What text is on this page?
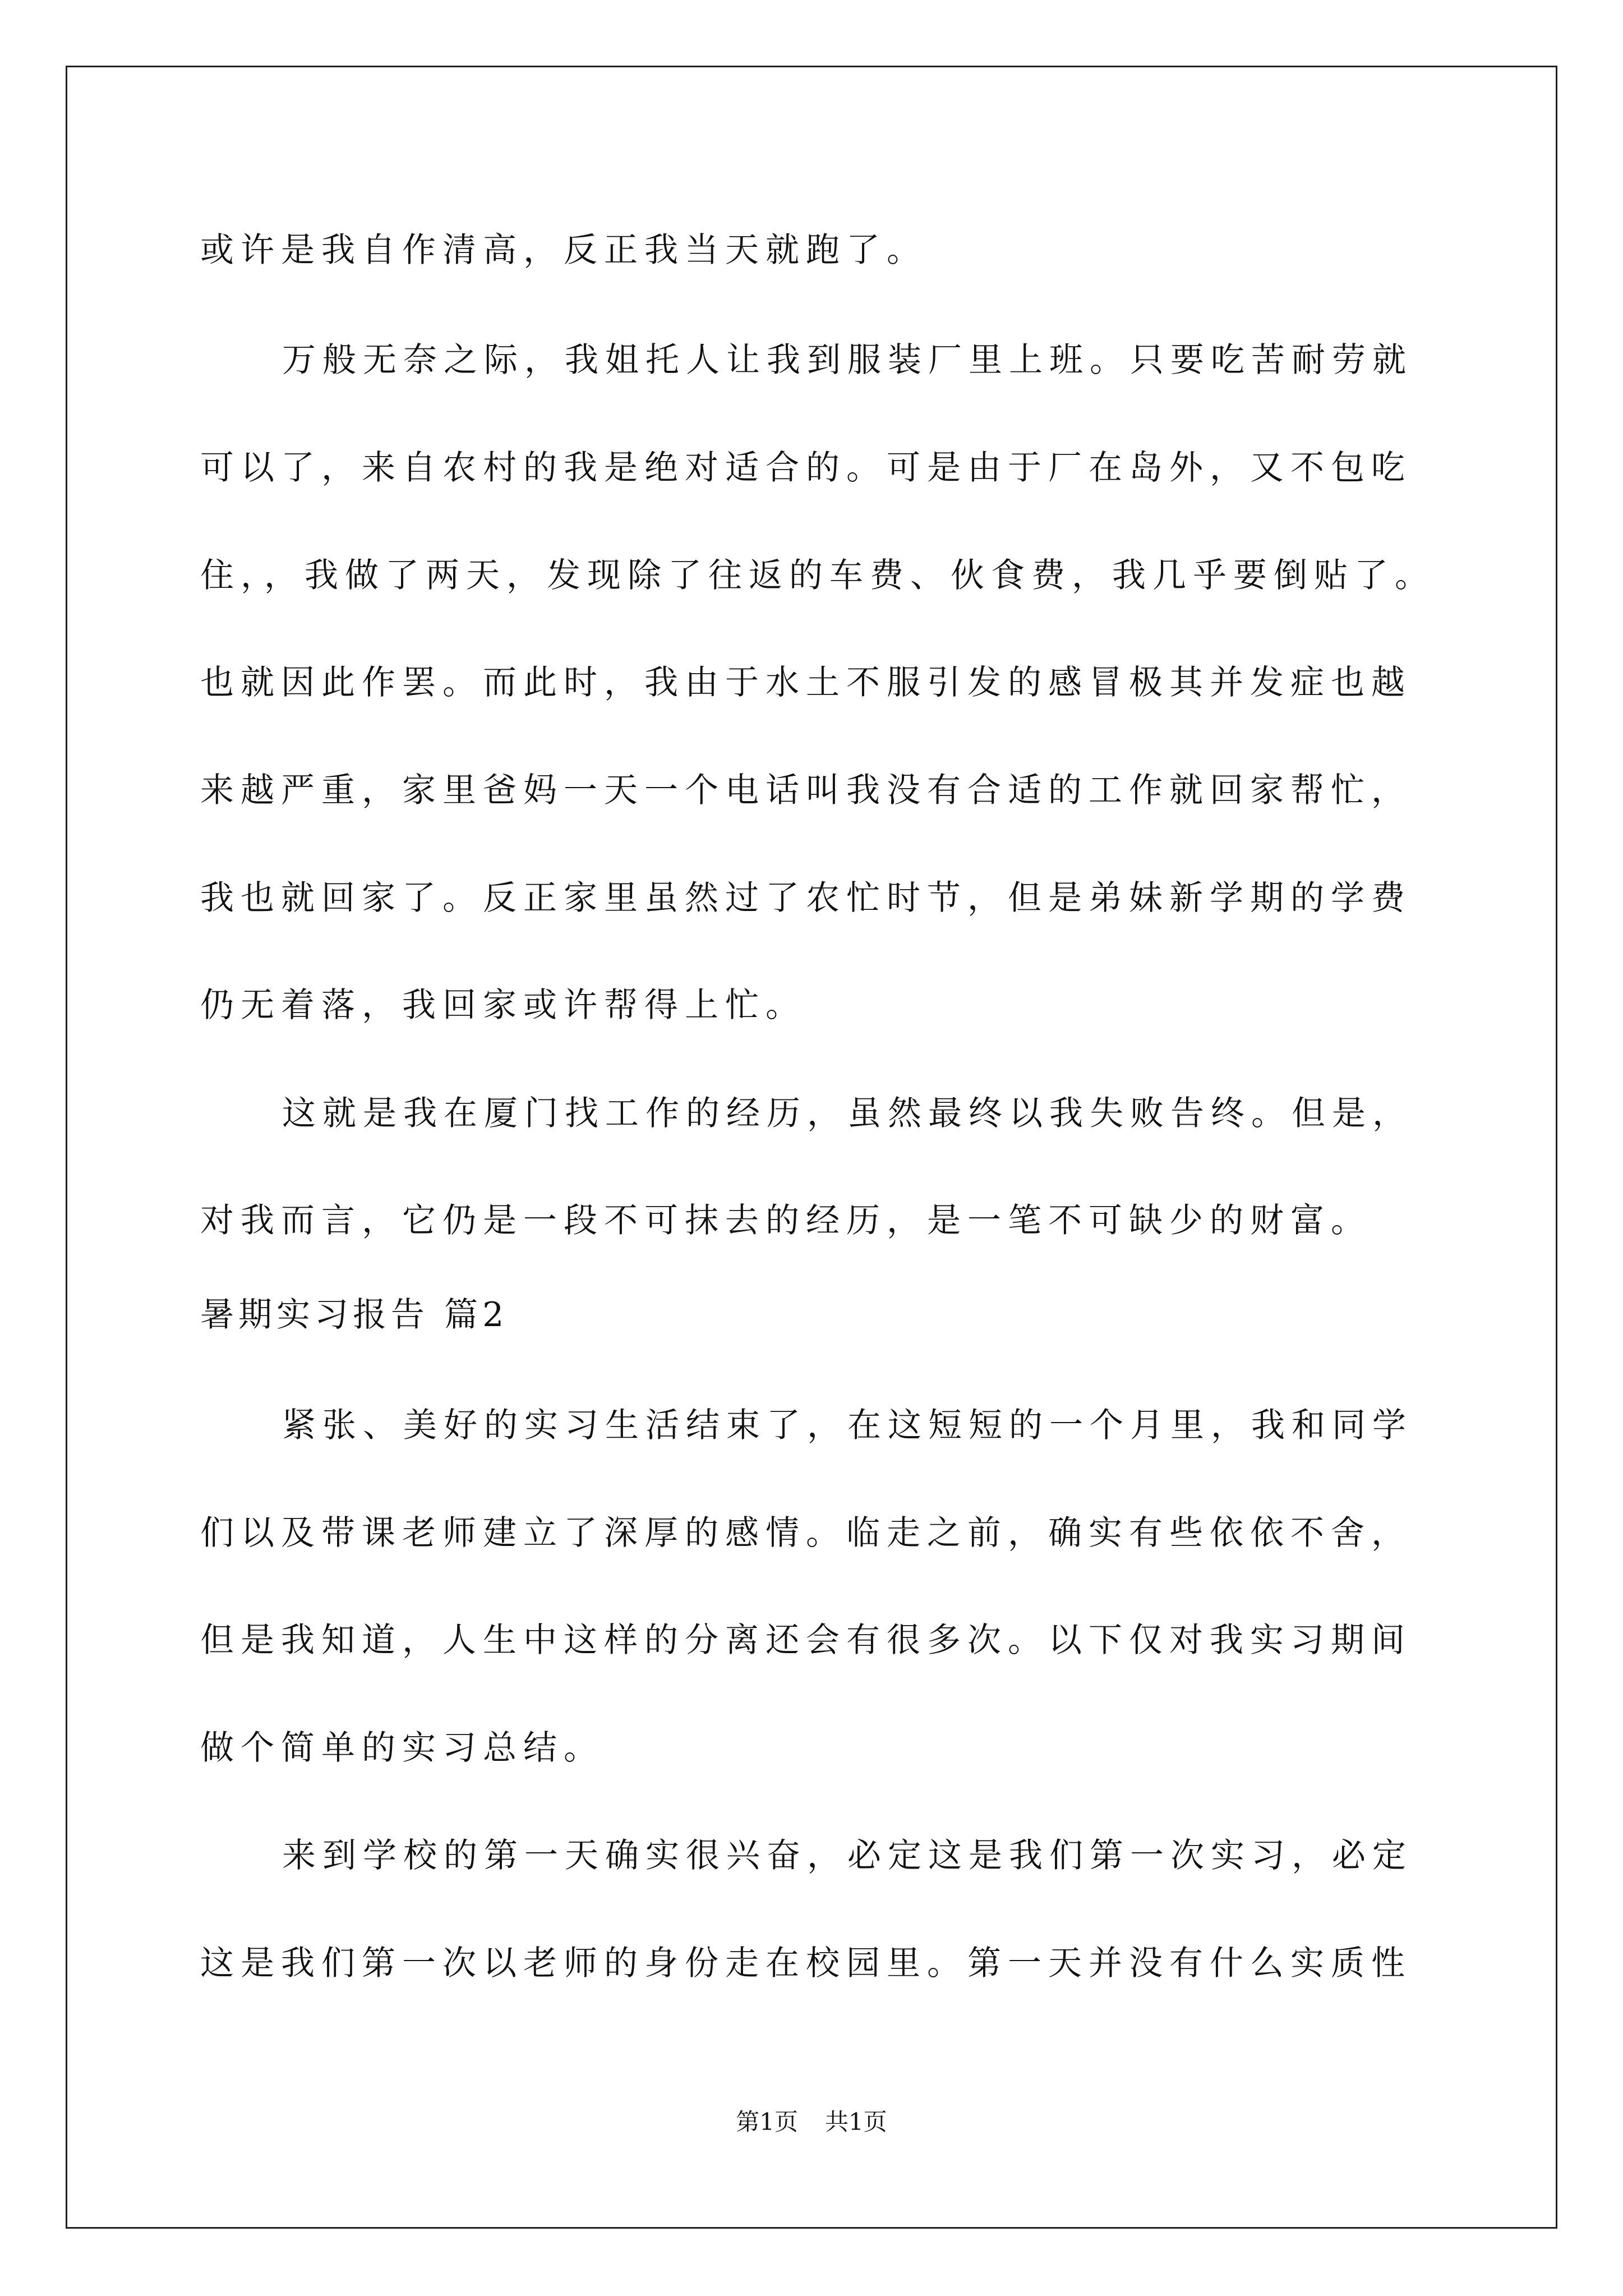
或许是我自作清高，反正我当天就跑了。
万般无奈之际，我姐托人让我到服装厂里上班。只要吃苦耐劳就
可以了，来自农村的我是绝对适合的。可是由于厂在岛外，又不包吃
住，，我做了两天，发现除了往返的车费、伙食费，我几乎要倒贴了。
也就因此作罢。而此时，我由于水土不服引发的感冒极其并发症也越
来越严重，家里爸妈一天一个电话叫我没有合适的工作就回家帮忙，
我也就回家了。反正家里虽然过了农忙时节，但是弟妹新学期的学费
仍无着落，我回家或许帮得上忙。
这就是我在厦门找工作的经历，虽然最终以我失败告终。但是，
对我而言，它仍是一段不可抹去的经历，是一笔不可缺少的财富。
暑期实习报告 篇2
紧张、美好的实习生活结束了，在这短短的一个月里，我和同学
们以及带课老师建立了深厚的感情。临走之前，确实有些依依不舍，
但是我知道，人生中这样的分离还会有很多次。以下仅对我实习期间
做个简单的实习总结。
来到学校的第一天确实很兴奋，必定这是我们第一次实习，必定
这是我们第一次以老师的身份走在校园里。第一天并没有什么实质性
第1页 共1页
